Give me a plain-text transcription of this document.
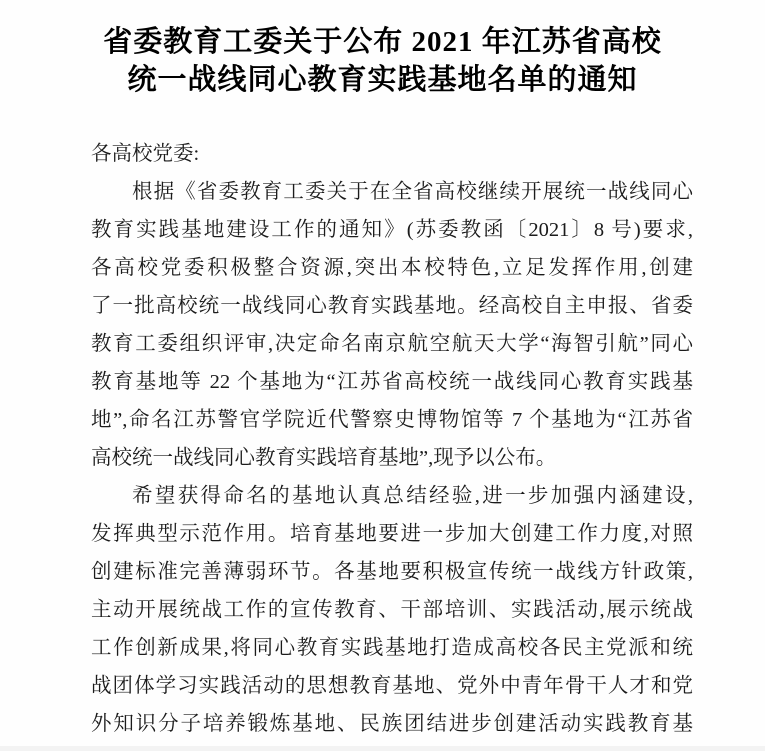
省委教育工委关于公布 2021 年江苏省高校
统一战线同心教育实践基地名单的通知
各高校党委:
根据《省委教育工委关于在全省高校继续开展统一战线同心
教育实践基地建设工作的通知》(苏委教函〔2021〕8 号)要求,
各高校党委积极整合资源,突出本校特色,立足发挥作用,创建
了一批高校统一战线同心教育实践基地。经高校自主申报、省委
教育工委组织评审,决定命名南京航空航天大学“海智引航”同心
教育基地等 22 个基地为“江苏省高校统一战线同心教育实践基
地”,命名江苏警官学院近代警察史博物馆等 7 个基地为“江苏省
高校统一战线同心教育实践培育基地”,现予以公布。
希望获得命名的基地认真总结经验,进一步加强内涵建设,
发挥典型示范作用。培育基地要进一步加大创建工作力度,对照
创建标准完善薄弱环节。各基地要积极宣传统一战线方针政策,
主动开展统战工作的宣传教育、干部培训、实践活动,展示统战
工作创新成果,将同心教育实践基地打造成高校各民主党派和统
战团体学习实践活动的思想教育基地、党外中青年骨干人才和党
外知识分子培养锻炼基地、民族团结进步创建活动实践教育基
